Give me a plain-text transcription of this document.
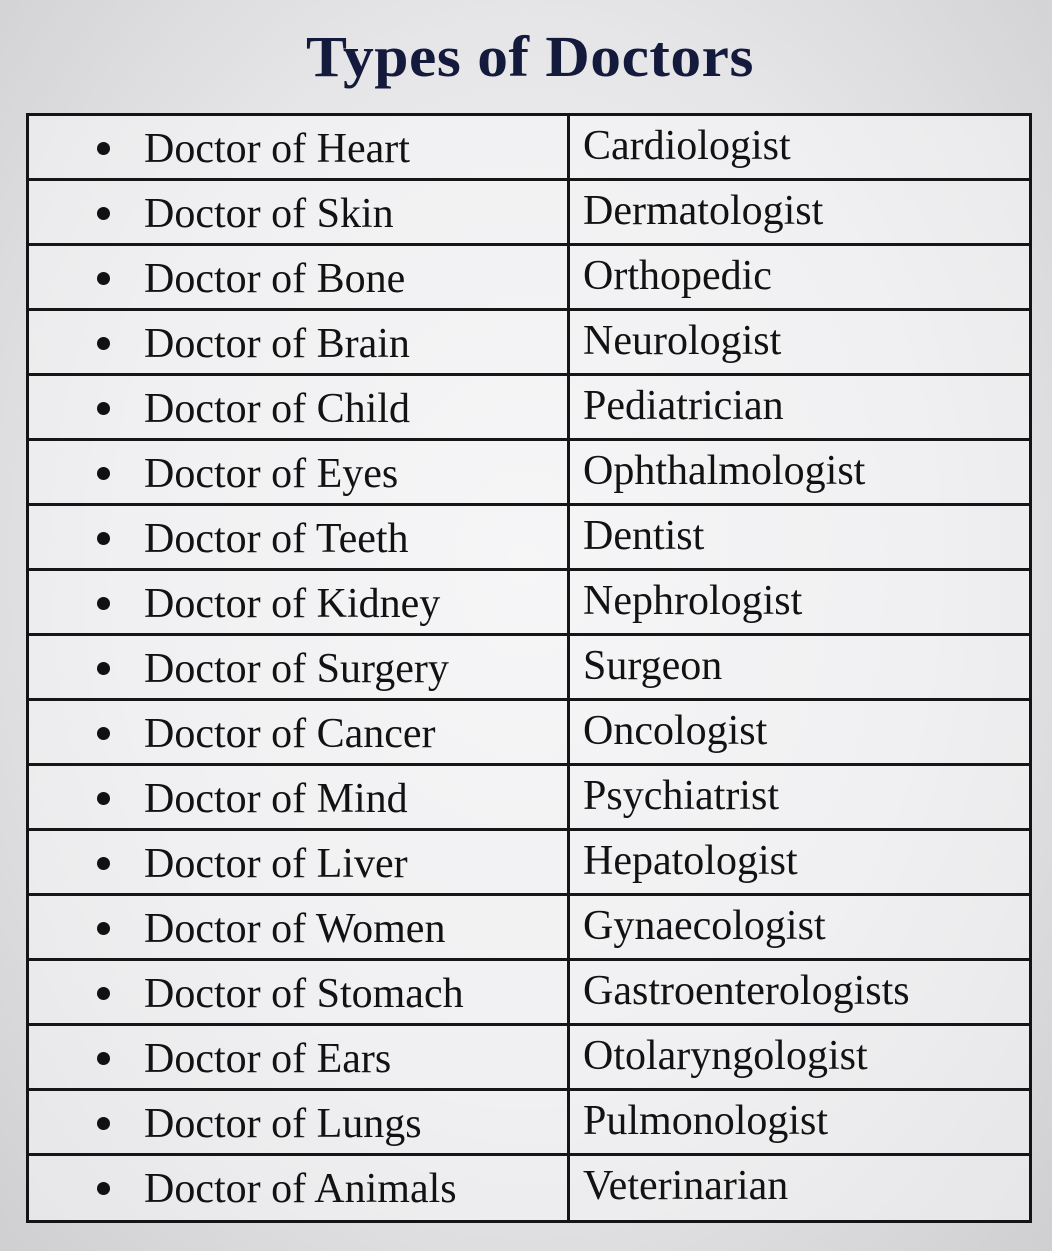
Types of Doctors
Doctor of Heart	Cardiologist
Doctor of Skin	Dermatologist
Doctor of Bone	Orthopedic
Doctor of Brain	Neurologist
Doctor of Child	Pediatrician
Doctor of Eyes	Ophthalmologist
Doctor of Teeth	Dentist
Doctor of Kidney	Nephrologist
Doctor of Surgery	Surgeon
Doctor of Cancer	Oncologist
Doctor of Mind	Psychiatrist
Doctor of Liver	Hepatologist
Doctor of Women	Gynaecologist
Doctor of Stomach	Gastroenterologists
Doctor of Ears	Otolaryngologist
Doctor of Lungs	Pulmonologist
Doctor of Animals	Veterinarian
